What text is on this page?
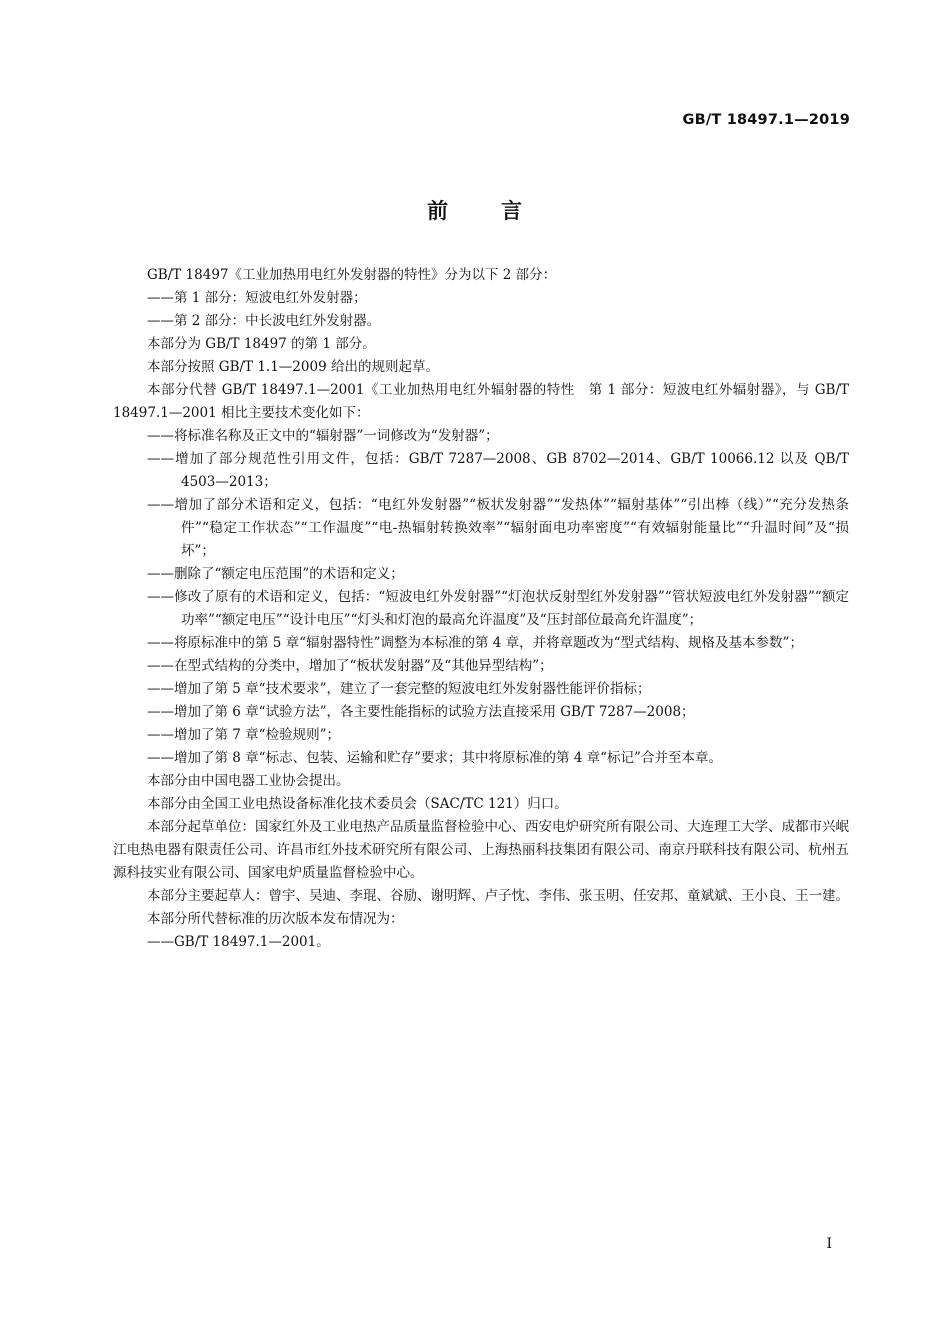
GB/T 18497.1—2019
前 言

GB/T 18497《工业加热用电红外发射器的特性》分为以下 2 部分：

——第 1 部分：短波电红外发射器；

——第 2 部分：中长波电红外发射器。

本部分为 GB/T 18497 的第 1 部分。

本部分按照 GB/T 1.1—2009 给出的规则起草。

本部分代替 GB/T 18497.1—2001《工业加热用电红外辐射器的特性　第 1 部分：短波电红外辐射器》，与 GB/T 18497.1—2001 相比主要技术变化如下：

——将标准名称及正文中的“辐射器”一词修改为“发射器”；

——增加了部分规范性引用文件，包括：GB/T 7287—2008、GB 8702—2014、GB/T 10066.12 以及 QB/T 4503—2013；

——增加了部分术语和定义，包括：“电红外发射器”“板状发射器”“发热体”“辐射基体”“引出棒（线）”“充分发热条件”“稳定工作状态”“工作温度”“电-热辐射转换效率”“辐射面电功率密度”“有效辐射能量比”“升温时间”及“损坏”；

——删除了“额定电压范围”的术语和定义；

——修改了原有的术语和定义，包括：“短波电红外发射器”“灯泡状反射型红外发射器”“管状短波电红外发射器”“额定功率”“额定电压”“设计电压”“灯头和灯泡的最高允许温度”及“压封部位最高允许温度”；

——将原标准中的第 5 章“辐射器特性”调整为本标准的第 4 章，并将章题改为“型式结构、规格及基本参数”；

——在型式结构的分类中，增加了“板状发射器”及“其他异型结构”；

——增加了第 5 章“技术要求”，建立了一套完整的短波电红外发射器性能评价指标；

——增加了第 6 章“试验方法”，各主要性能指标的试验方法直接采用 GB/T 7287—2008；

——增加了第 7 章“检验规则”；

——增加了第 8 章“标志、包装、运输和贮存”要求；其中将原标准的第 4 章“标记”合并至本章。

本部分由中国电器工业协会提出。

本部分由全国工业电热设备标准化技术委员会（SAC/TC 121）归口。

本部分起草单位：国家红外及工业电热产品质量监督检验中心、西安电炉研究所有限公司、大连理工大学、成都市兴岷江电热电器有限责任公司、许昌市红外技术研究所有限公司、上海热丽科技集团有限公司、南京丹联科技有限公司、杭州五源科技实业有限公司、国家电炉质量监督检验中心。

本部分主要起草人：曾宇、吴迪、李琨、谷励、谢明辉、卢子忱、李伟、张玉明、任安邦、童斌斌、王小良、王一建。

本部分所代替标准的历次版本发布情况为：

——GB/T 18497.1—2001。

I
